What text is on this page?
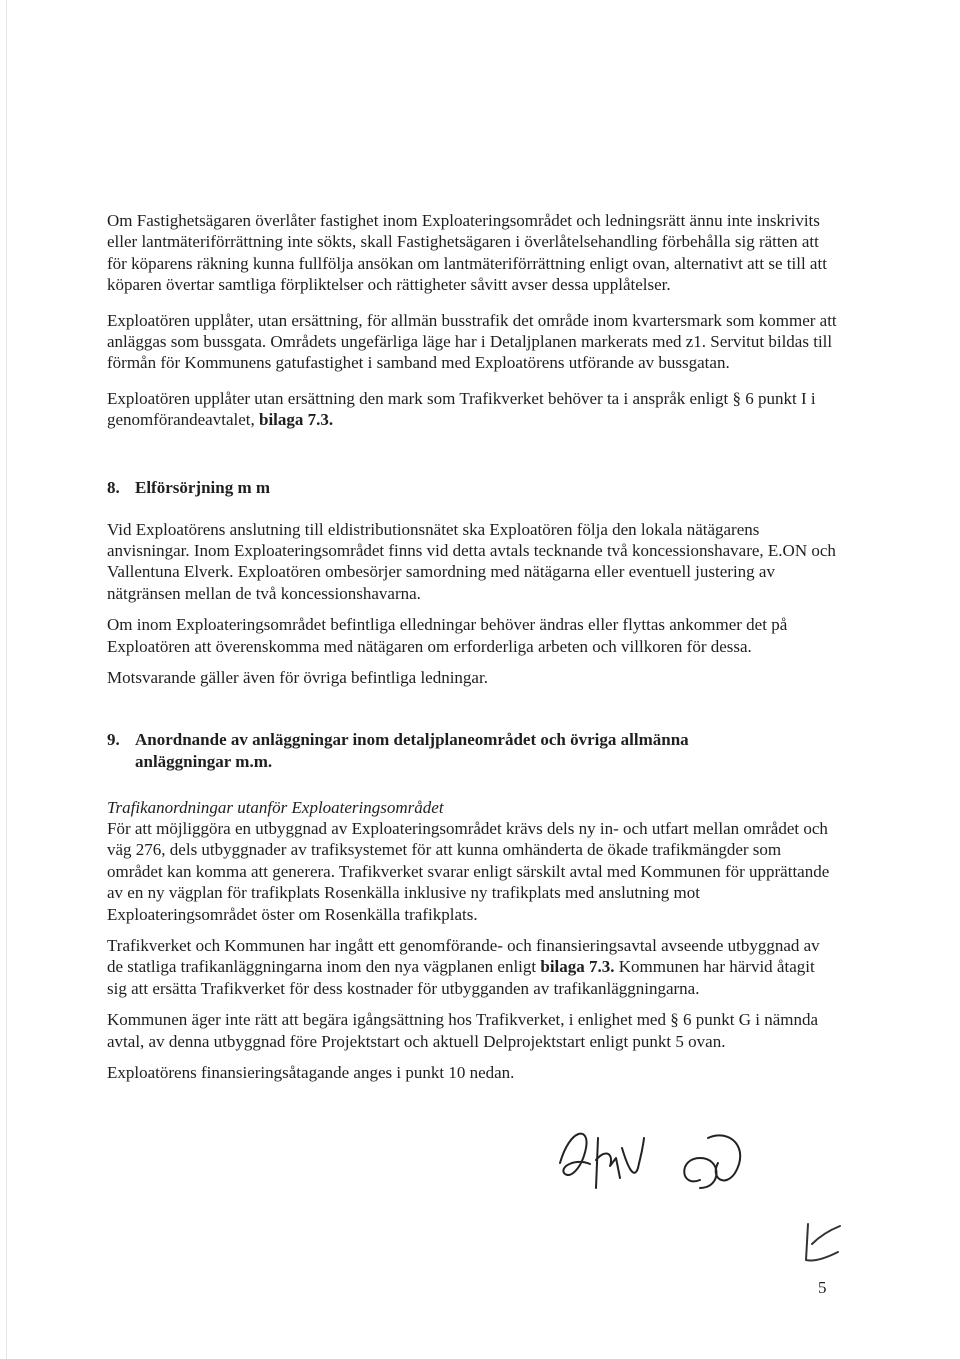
Om Fastighetsägaren överlåter fastighet inom Exploateringsområdet och ledningsrätt ännu inte inskrivits eller lantmäteriförrättning inte sökts, skall Fastighetsägaren i överlåtelsehandling förbehålla sig rätten att för köparens räkning kunna fullfölja ansökan om lantmäteriförrättning enligt ovan, alternativt att se till att köparen övertar samtliga förpliktelser och rättigheter såvitt avser dessa upplåtelser.

Exploatören upplåter, utan ersättning, för allmän busstrafik det område inom kvartersmark som kommer att anläggas som bussgata. Områdets ungefärliga läge har i Detaljplanen markerats med z1. Servitut bildas till förmån för Kommunens gatufastighet i samband med Exploatörens utförande av bussgatan.

Exploatören upplåter utan ersättning den mark som Trafikverket behöver ta i anspråk enligt § 6 punkt I i genomförandeavtalet, bilaga 7.3.

8. Elförsörjning m m

Vid Exploatörens anslutning till eldistributionsnätet ska Exploatören följa den lokala nätägarens anvisningar. Inom Exploateringsområdet finns vid detta avtals tecknande två koncessionshavare, E.ON och Vallentuna Elverk. Exploatören ombesörjer samordning med nätägarna eller eventuell justering av nätgränsen mellan de två koncessionshavarna.

Om inom Exploateringsområdet befintliga elledningar behöver ändras eller flyttas ankommer det på Exploatören att överenskomma med nätägaren om erforderliga arbeten och villkoren för dessa.

Motsvarande gäller även för övriga befintliga ledningar.

9. Anordnande av anläggningar inom detaljplaneområdet och övriga allmänna anläggningar m.m.

Trafikanordningar utanför Exploateringsområdet

För att möjliggöra en utbyggnad av Exploateringsområdet krävs dels ny in- och utfart mellan området och väg 276, dels utbyggnader av trafiksystemet för att kunna omhänderta de ökade trafikmängder som området kan komma att generera. Trafikverket svarar enligt särskilt avtal med Kommunen för upprättande av en ny vägplan för trafikplats Rosenkälla inklusive ny trafikplats med anslutning mot Exploateringsområdet öster om Rosenkälla trafikplats.

Trafikverket och Kommunen har ingått ett genomförande- och finansieringsavtal avseende utbyggnad av de statliga trafikanläggningarna inom den nya vägplanen enligt bilaga 7.3. Kommunen har härvid åtagit sig att ersätta Trafikverket för dess kostnader för utbygganden av trafikanläggningarna.

Kommunen äger inte rätt att begära igångsättning hos Trafikverket, i enlighet med § 6 punkt G i nämnda avtal, av denna utbyggnad före Projektstart och aktuell Delprojektstart enligt punkt 5 ovan.

Exploatörens finansieringsåtagande anges i punkt 10 nedan.

5
